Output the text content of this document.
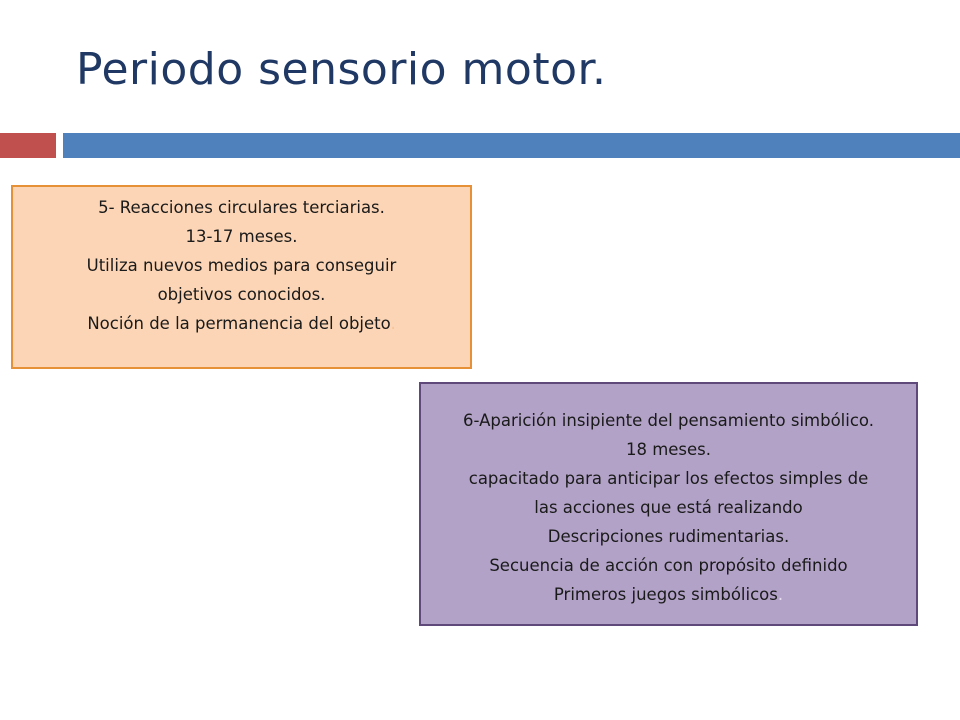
Periodo sensorio motor.
5- Reacciones circulares terciarias.
13-17 meses.
Utiliza nuevos medios para conseguir
objetivos conocidos.
Noción de la permanencia del objeto.
6-Aparición insipiente del pensamiento simbólico.
18 meses.
capacitado para anticipar los efectos simples de
las acciones que está realizando
Descripciones rudimentarias.
Secuencia de acción con propósito definido
Primeros juegos simbólicos.
